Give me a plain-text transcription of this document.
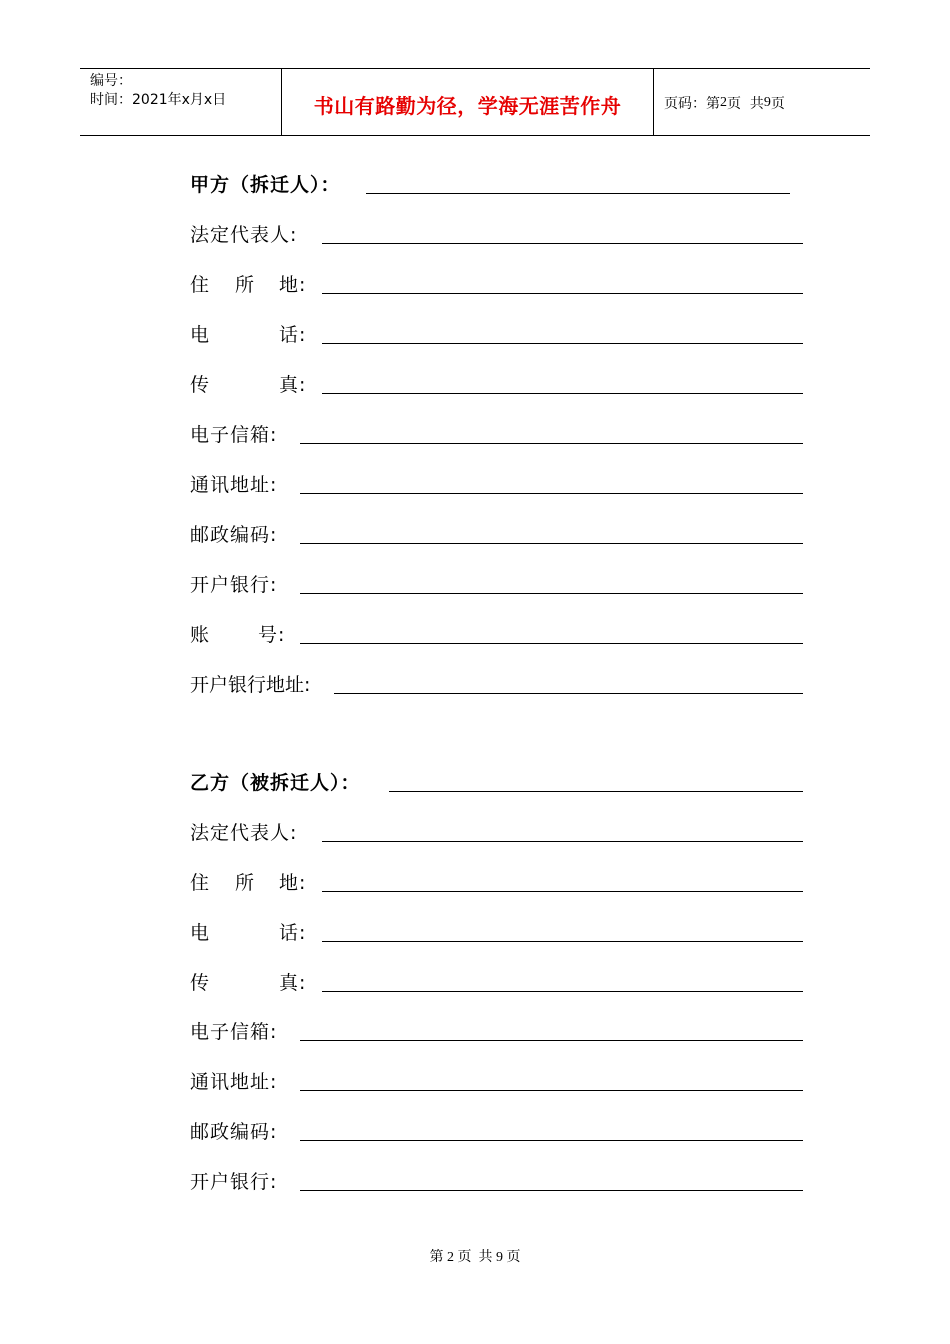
编号：
时间：2021年x月x日	书山有路勤为径，学海无涯苦作舟	页码：第 2 页  共 9 页
甲方（拆迁人）：
法定代表人:
住 所 地:
电	话:
传	真:
电子信箱:
通讯地址:
邮政编码:
开户银行:
账	号:
开户银行地址:
乙方（被拆迁人）：
法定代表人:
住 所 地:
电	话:
传	真:
电子信箱:
通讯地址:
邮政编码:
开户银行:
第 2 页  共 9 页
